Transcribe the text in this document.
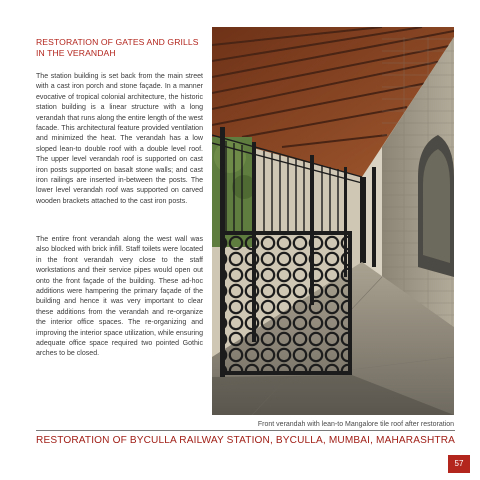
RESTORATION OF GATES AND GRILLS IN THE VERANDAH
The station building is set back from the main street with a cast iron porch and stone façade. In a manner evocative of tropical colonial architecture, the historic station building is a linear structure with a long verandah that runs along the entire length of the west facade. This architectural feature provided ventilation and minimized the heat. The verandah has a low sloped lean-to double roof with a double level roof. The upper level verandah roof is supported on cast iron posts supported on basalt stone walls; and cast iron railings are inserted in-between the posts. The lower level verandah roof was supported on carved wooden brackets attached to the cast iron posts.
The entire front verandah along the west wall was also blocked with brick infill. Staff toilets were located in the front verandah very close to the staff workstations and their service pipes would open out onto the front façade of the building. These ad-hoc additions were hampering the primary façade of the building and hence it was very important to clear these additions from the verandah and re-organize the interior office spaces. The re-organizing and improving the interior space utilization, while ensuring adequate office space required two pointed Gothic arches to be closed.
Front verandah with lean-to Mangalore tile roof after restoration
RESTORATION OF BYCULLA RAILWAY STATION, BYCULLA, MUMBAI, MAHARASHTRA
57
